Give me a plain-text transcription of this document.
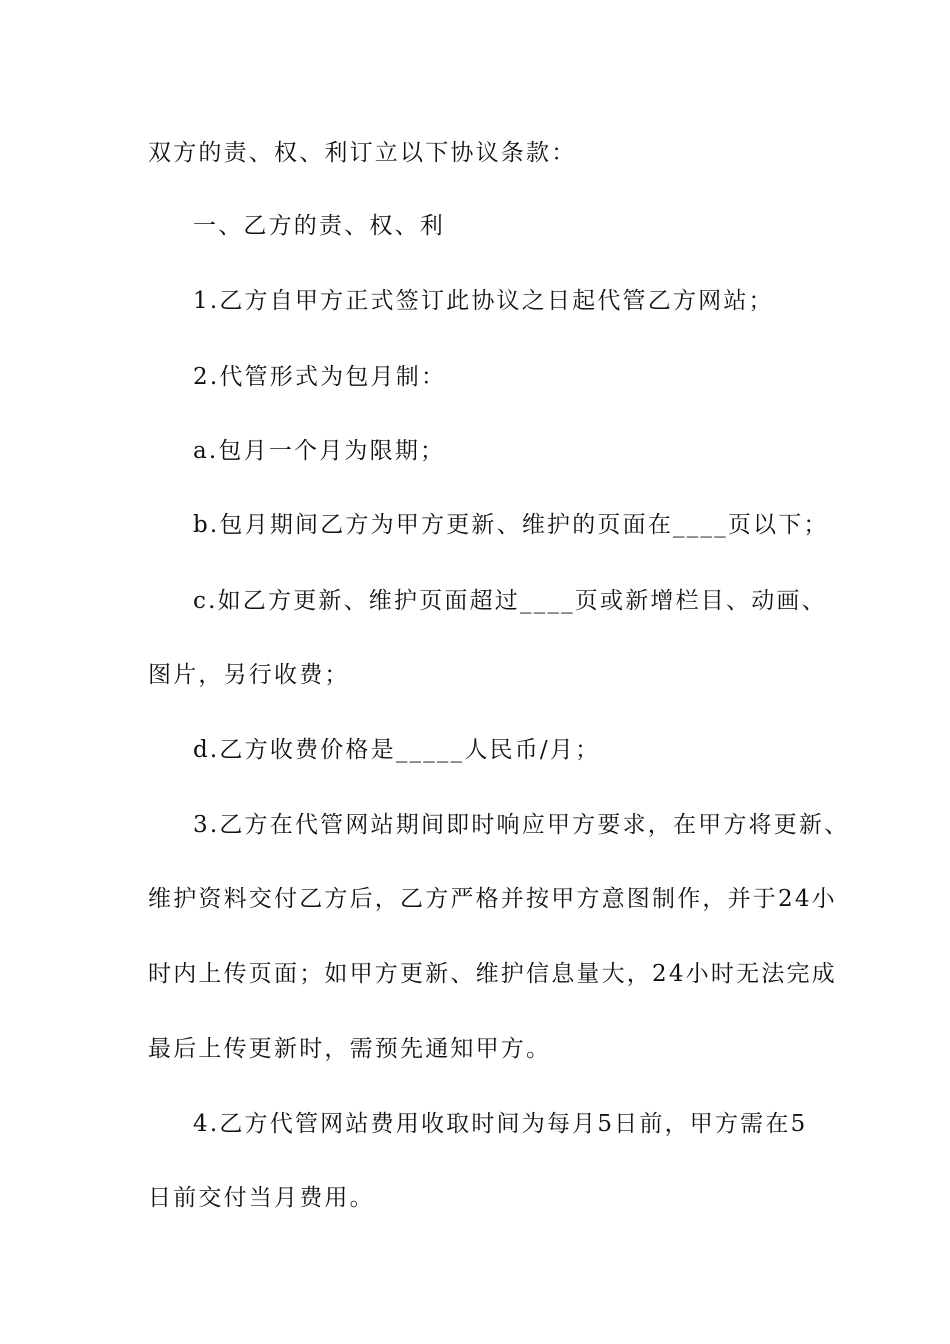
双方的责、权、利订立以下协议条款：
一、乙方的责、权、利
1.乙方自甲方正式签订此协议之日起代管乙方网站；
2.代管形式为包月制：
a.包月一个月为限期；
b.包月期间乙方为甲方更新、维护的页面在____页以下；
c.如乙方更新、维护页面超过____页或新增栏目、动画、
图片，另行收费；
d.乙方收费价格是_____人民币/月；
3.乙方在代管网站期间即时响应甲方要求，在甲方将更新、
维护资料交付乙方后，乙方严格并按甲方意图制作，并于24小
时内上传页面；如甲方更新、维护信息量大，24小时无法完成
最后上传更新时，需预先通知甲方。
4.乙方代管网站费用收取时间为每月5日前，甲方需在5
日前交付当月费用。
